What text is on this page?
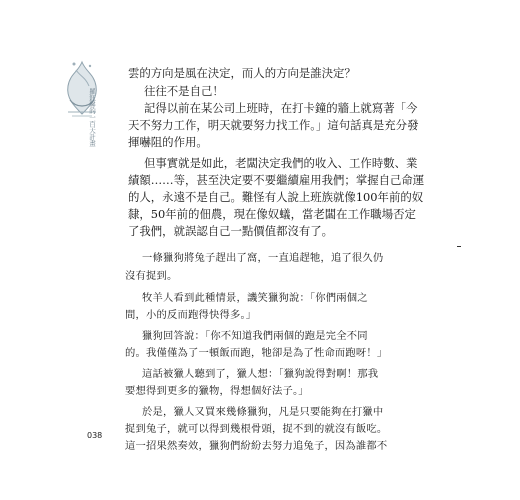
羅鈺馨的一百天計畫

雲的方向是風在決定，而人的方向是誰決定？

往往不是自己！

記得以前在某公司上班時，在打卡鐘的牆上就寫著「今

天不努力工作，明天就要努力找工作。」這句話真是充分發

揮嚇阻的作用。

但事實就是如此，老闆決定我們的收入、工作時數、業

績額……等，甚至決定要不要繼續雇用我們；掌握自己命運

的人，永遠不是自己。難怪有人說上班族就像100年前的奴

隸，50年前的佃農，現在像奴蟻，當老闆在工作職場否定

了我們，就誤認自己一點價值都沒有了。

一條獵狗將兔子趕出了窩，一直追趕牠，追了很久仍

沒有捉到。

牧羊人看到此種情景，譏笑獵狗說：「你們兩個之

間，小的反而跑得快得多。」

獵狗回答說：「你不知道我們兩個的跑是完全不同

的。我僅僅為了一頓飯而跑，牠卻是為了性命而跑呀！」

這話被獵人聽到了，獵人想：「獵狗說得對啊！那我

要想得到更多的獵物，得想個好法子。」

於是，獵人又買來幾條獵狗，凡是只要能夠在打獵中

捉到兔子，就可以得到幾根骨頭，捉不到的就沒有飯吃。

這一招果然奏效，獵狗們紛紛去努力追兔子，因為誰都不

038
